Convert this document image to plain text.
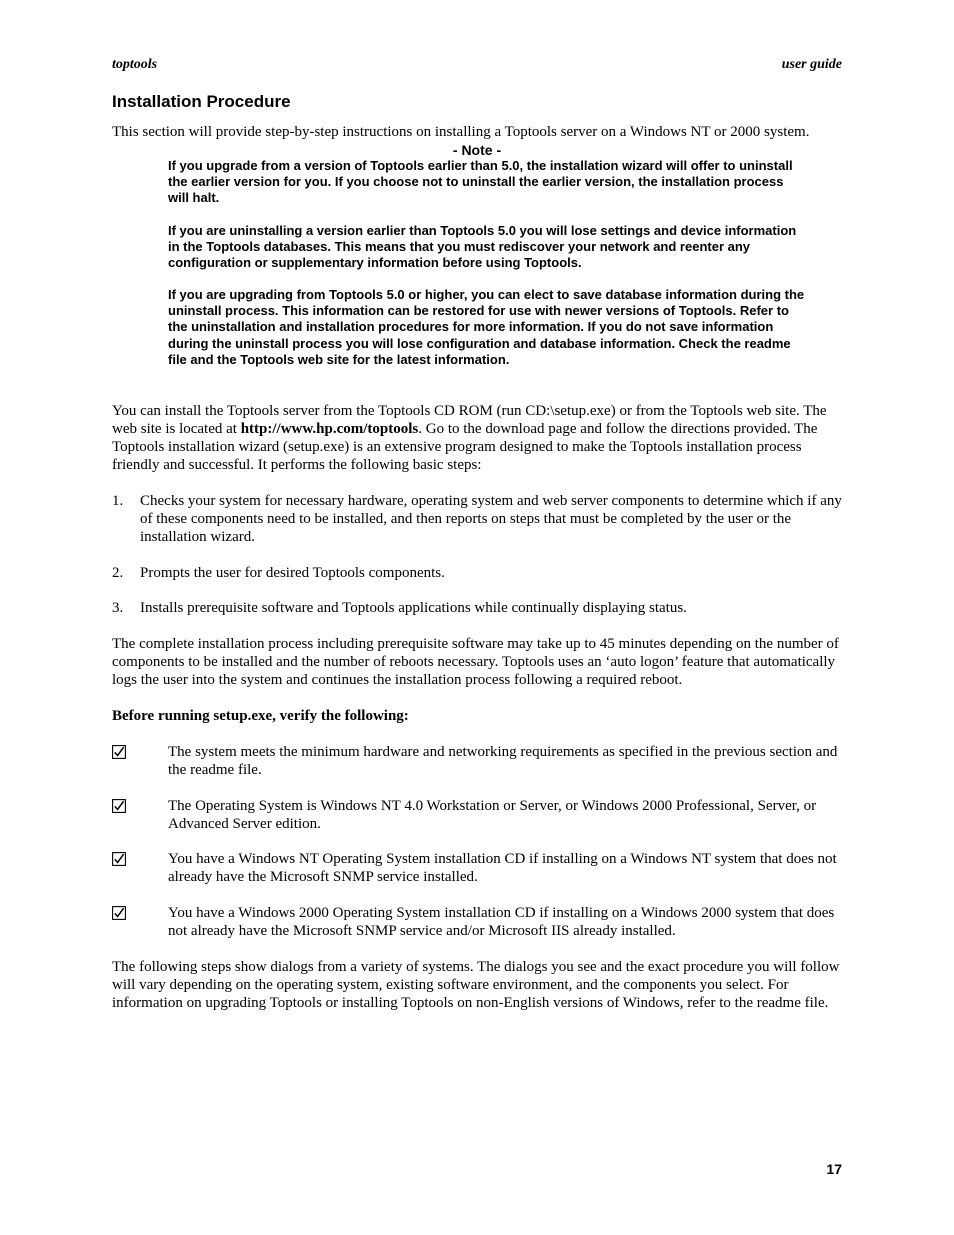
toptools	user guide
Installation Procedure

This section will provide step-by-step instructions on installing a Toptools server on a Windows NT or 2000 system.

- Note -

If you upgrade from a version of Toptools earlier than 5.0, the installation wizard will offer to uninstall the earlier version for you. If you choose not to uninstall the earlier version, the installation process will halt.

If you are uninstalling a version earlier than Toptools 5.0 you will lose settings and device information in the Toptools databases. This means that you must rediscover your network and reenter any configuration or supplementary information before using Toptools.

If you are upgrading from Toptools 5.0 or higher, you can elect to save database information during the uninstall process. This information can be restored for use with newer versions of Toptools. Refer to the uninstallation and installation procedures for more information. If you do not save information during the uninstall process you will lose configuration and database information. Check the readme file and the Toptools web site for the latest information.

You can install the Toptools server from the Toptools CD ROM (run CD:\setup.exe) or from the Toptools web site. The web site is located at http://www.hp.com/toptools. Go to the download page and follow the directions provided. The Toptools installation wizard (setup.exe) is an extensive program designed to make the Toptools installation process friendly and successful. It performs the following basic steps:

1. Checks your system for necessary hardware, operating system and web server components to determine which if any of these components need to be installed, and then reports on steps that must be completed by the user or the installation wizard.
2. Prompts the user for desired Toptools components.
3. Installs prerequisite software and Toptools applications while continually displaying status.

The complete installation process including prerequisite software may take up to 45 minutes depending on the number of components to be installed and the number of reboots necessary. Toptools uses an ‘auto logon’ feature that automatically logs the user into the system and continues the installation process following a required reboot.

Before running setup.exe, verify the following:
The system meets the minimum hardware and networking requirements as specified in the previous section and the readme file.
The Operating System is Windows NT 4.0 Workstation or Server, or Windows 2000 Professional, Server, or Advanced Server edition.
You have a Windows NT Operating System installation CD if installing on a Windows NT system that does not already have the Microsoft SNMP service installed.
You have a Windows 2000 Operating System installation CD if installing on a Windows 2000 system that does not already have the Microsoft SNMP service and/or Microsoft IIS already installed.

The following steps show dialogs from a variety of systems. The dialogs you see and the exact procedure you will follow will vary depending on the operating system, existing software environment, and the components you select. For information on upgrading Toptools or installing Toptools on non-English versions of Windows, refer to the readme file.

17
